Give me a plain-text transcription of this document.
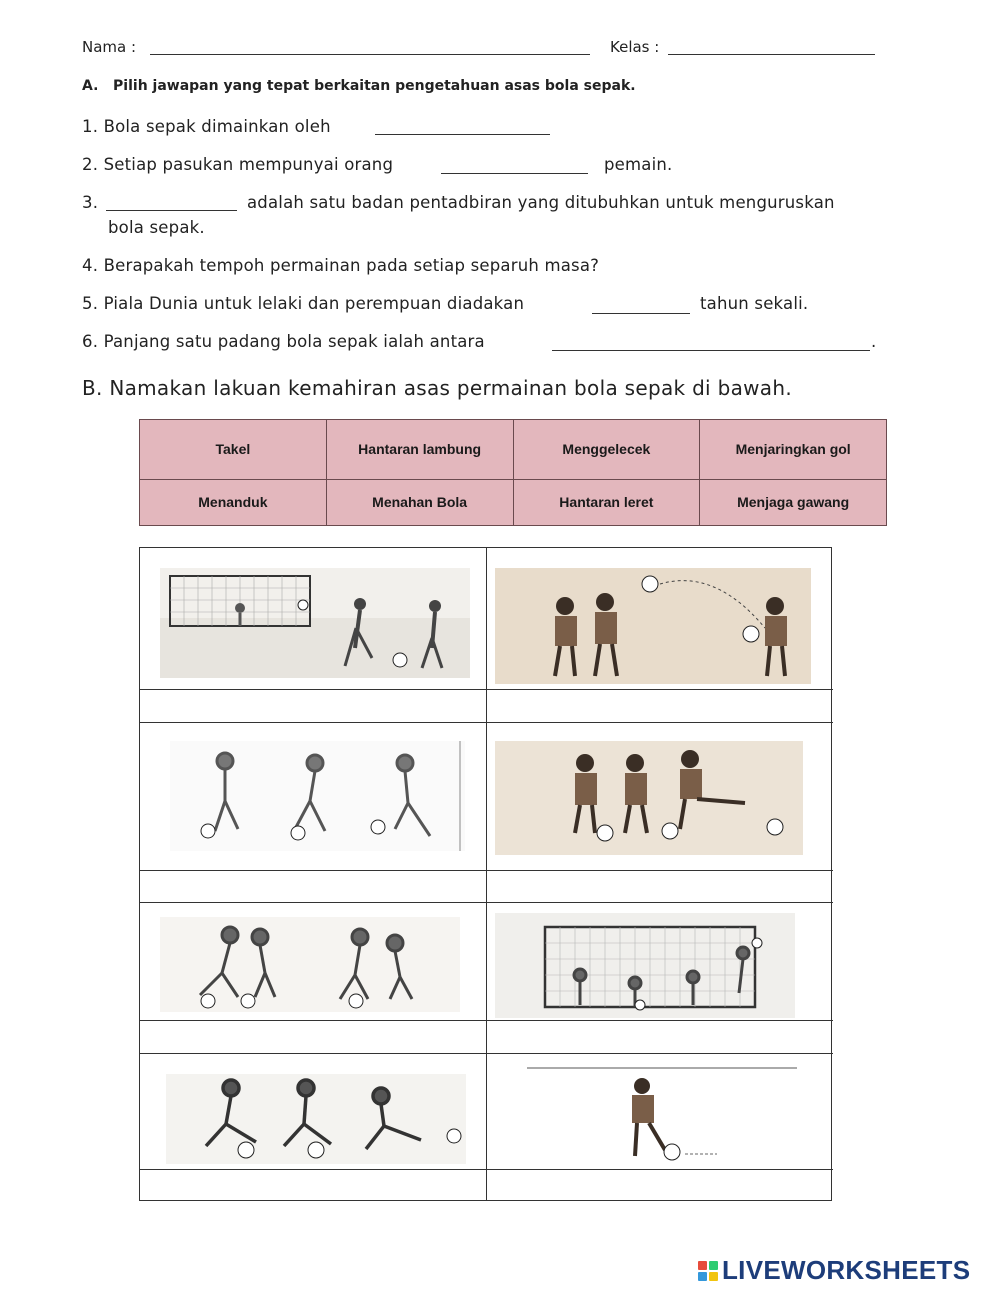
Nama :	Kelas :
A.   Pilih jawapan yang tepat berkaitan pengetahuan asas bola sepak.
1. Bola sepak dimainkan oleh
2. Setiap pasukan mempunyai orang	pemain.
3.	adalah satu badan pentadbiran yang ditubuhkan untuk menguruskan
bola sepak.
4. Berapakah tempoh permainan pada setiap separuh masa?
5. Piala Dunia untuk lelaki dan perempuan diadakan	tahun sekali.
6. Panjang satu padang bola sepak ialah antara	.
B. Namakan lakuan kemahiran asas permainan bola sepak di bawah.
Takel	Hantaran lambung	Menggelecek	Menjaringkan gol
Menanduk	Menahan Bola	Hantaran leret	Menjaga gawang
LIVEWORKSHEETS
